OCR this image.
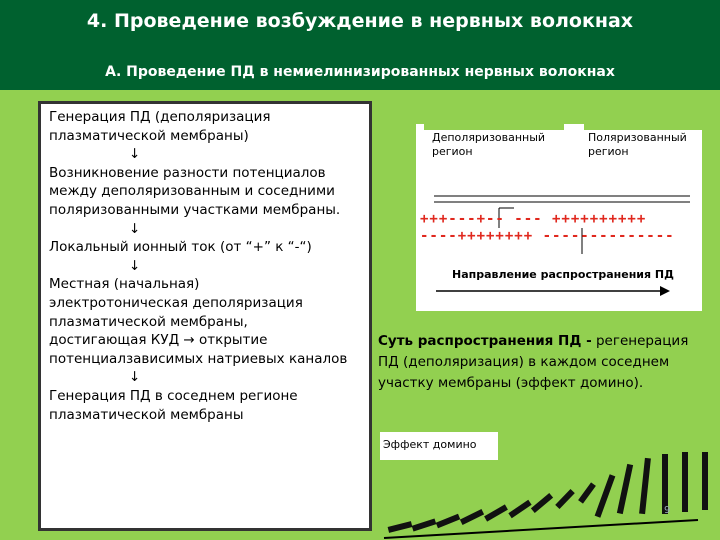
4. Проведение возбуждение в нервных волокнах
А. Проведение ПД в немиелинизированных нервных волокнах
Генерация ПД (деполяризация
плазматической мембраны)
↓
Возникновение разности потенциалов
между деполяризованным и соседними
поляризованными участками мембраны.
↓
Локальный ионный ток (от “+” к “-“)
↓
Местная (начальная)
электротоническая деполяризация
плазматической мембраны,
достигающая КУД → открытие
потенциалзависимых натриевых каналов
↓
Генерация ПД в соседнем регионе
плазматической мембраны
Деполяризованный регион
Поляризованный регион
+++---+-- --- ++++++++++
----++++++++ --------------
Направление распространения ПД
Суть распространения ПД - регенерация ПД (деполяризация) в каждом соседнем участку мембраны (эффект домино).
Эффект домино
9
